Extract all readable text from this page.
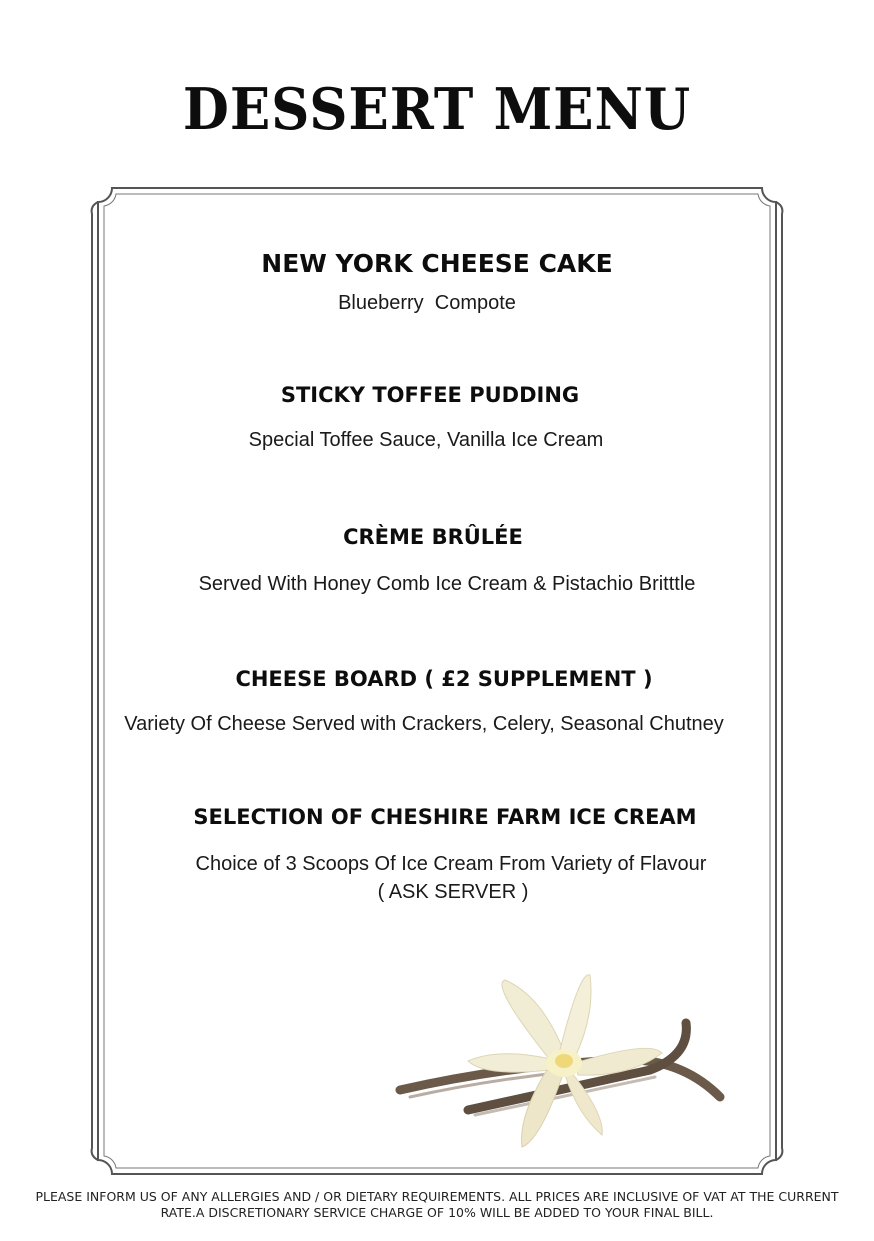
DESSERT MENU
NEW YORK CHEESE CAKE
Blueberry  Compote
STICKY TOFFEE PUDDING
Special Toffee Sauce, Vanilla Ice Cream
CRÈME BRÛLÉE
Served With Honey Comb Ice Cream & Pistachio Britttle
CHEESE BOARD ( £2 SUPPLEMENT )
Variety Of Cheese Served with Crackers, Celery, Seasonal Chutney
SELECTION OF CHESHIRE FARM ICE CREAM
Choice of 3 Scoops Of Ice Cream From Variety of Flavour
( ASK SERVER )
PLEASE INFORM US OF ANY ALLERGIES AND / OR DIETARY REQUIREMENTS. ALL PRICES ARE INCLUSIVE OF VAT AT THE CURRENT
RATE.A DISCRETIONARY SERVICE CHARGE OF 10% WILL BE ADDED TO YOUR FINAL BILL.
